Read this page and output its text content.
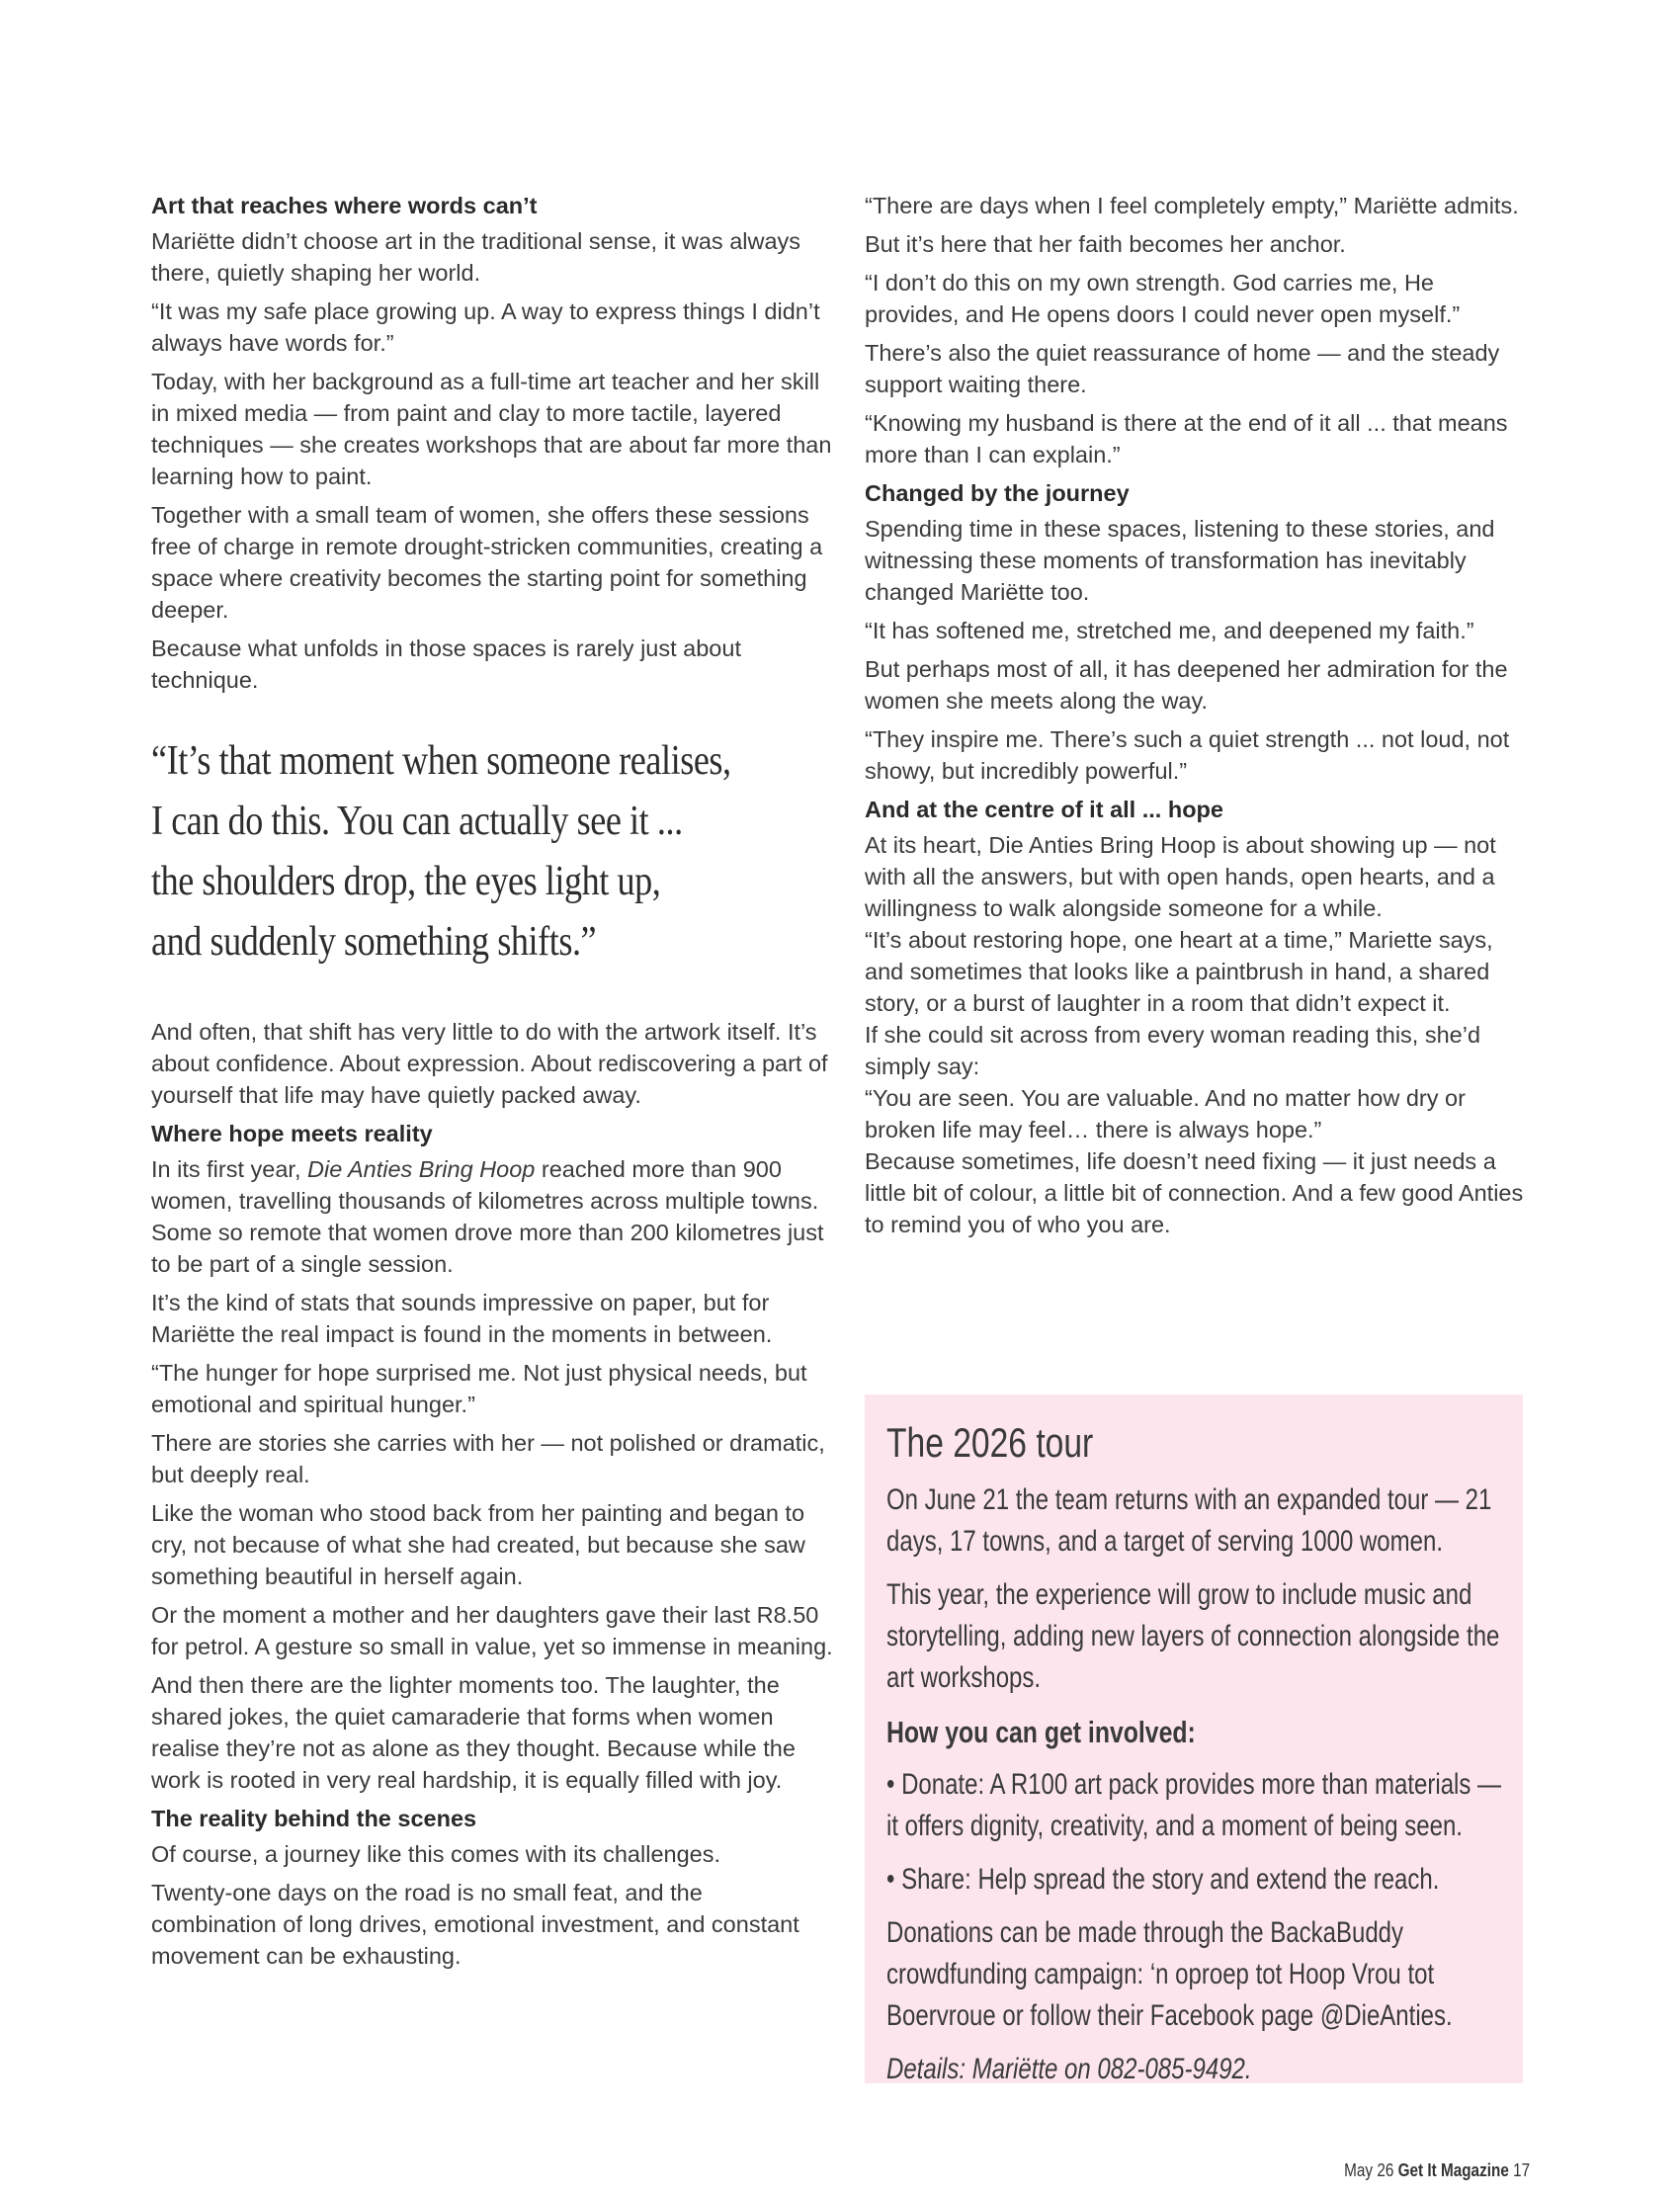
Art that reaches where words can’t

Mariëtte didn’t choose art in the traditional sense, it was always there, quietly shaping her world.

“It was my safe place growing up. A way to express things I didn’t always have words for.”

Today, with her background as a full-time art teacher and her skill in mixed media — from paint and clay to more tactile, layered techniques — she creates workshops that are about far more than learning how to paint.

Together with a small team of women, she offers these sessions free of charge in remote drought-stricken communities, creating a space where creativity becomes the starting point for something deeper.

Because what unfolds in those spaces is rarely just about technique.

“It’s that moment when someone realises,
I can do this. You can actually see it ...
the shoulders drop, the eyes light up,
and suddenly something shifts.”

And often, that shift has very little to do with the artwork itself. It’s about confidence. About expression. About rediscovering a part of yourself that life may have quietly packed away.

Where hope meets reality

In its first year, Die Anties Bring Hoop reached more than 900 women, travelling thousands of kilometres across multiple towns. Some so remote that women drove more than 200 kilometres just to be part of a single session.

It’s the kind of stats that sounds impressive on paper, but for Mariëtte the real impact is found in the moments in between.

“The hunger for hope surprised me. Not just physical needs, but emotional and spiritual hunger.”

There are stories she carries with her — not polished or dramatic, but deeply real.

Like the woman who stood back from her painting and began to cry, not because of what she had created, but because she saw something beautiful in herself again.

Or the moment a mother and her daughters gave their last R8.50 for petrol. A gesture so small in value, yet so immense in meaning.

And then there are the lighter moments too. The laughter, the shared jokes, the quiet camaraderie that forms when women realise they’re not as alone as they thought. Because while the work is rooted in very real hardship, it is equally filled with joy.

The reality behind the scenes

Of course, a journey like this comes with its challenges.

Twenty-one days on the road is no small feat, and the combination of long drives, emotional investment, and constant movement can be exhausting.

“There are days when I feel completely empty,” Mariëtte admits.

But it’s here that her faith becomes her anchor.

“I don’t do this on my own strength. God carries me, He provides, and He opens doors I could never open myself.”

There’s also the quiet reassurance of home — and the steady support waiting there.

“Knowing my husband is there at the end of it all ... that means more than I can explain.”

Changed by the journey

Spending time in these spaces, listening to these stories, and witnessing these moments of transformation has inevitably changed Mariëtte too.

“It has softened me, stretched me, and deepened my faith.”

But perhaps most of all, it has deepened her admiration for the women she meets along the way.

“They inspire me. There’s such a quiet strength ... not loud, not showy, but incredibly powerful.”

And at the centre of it all ... hope

At its heart, Die Anties Bring Hoop is about showing up — not with all the answers, but with open hands, open hearts, and a willingness to walk alongside someone for a while.

“It’s about restoring hope, one heart at a time,” Mariette says, and sometimes that looks like a paintbrush in hand, a shared story, or a burst of laughter in a room that didn’t expect it.

If she could sit across from every woman reading this, she’d simply say:

“You are seen. You are valuable. And no matter how dry or broken life may feel… there is always hope.”

Because sometimes, life doesn’t need fixing — it just needs a little bit of colour, a little bit of connection. And a few good Anties to remind you of who you are.

The 2026 tour

On June 21 the team returns with an expanded tour — 21 days, 17 towns, and a target of serving 1000 women.

This year, the experience will grow to include music and storytelling, adding new layers of connection alongside the art workshops.

How you can get involved:

• Donate: A R100 art pack provides more than materials — it offers dignity, creativity, and a moment of being seen.

• Share: Help spread the story and extend the reach.

Donations can be made through the BackaBuddy crowdfunding campaign: ‘n oproep tot Hoop Vrou tot Boervroue or follow their Facebook page @DieAnties.

Details: Mariëtte on 082-085-9492.

May 26 Get It Magazine 17
